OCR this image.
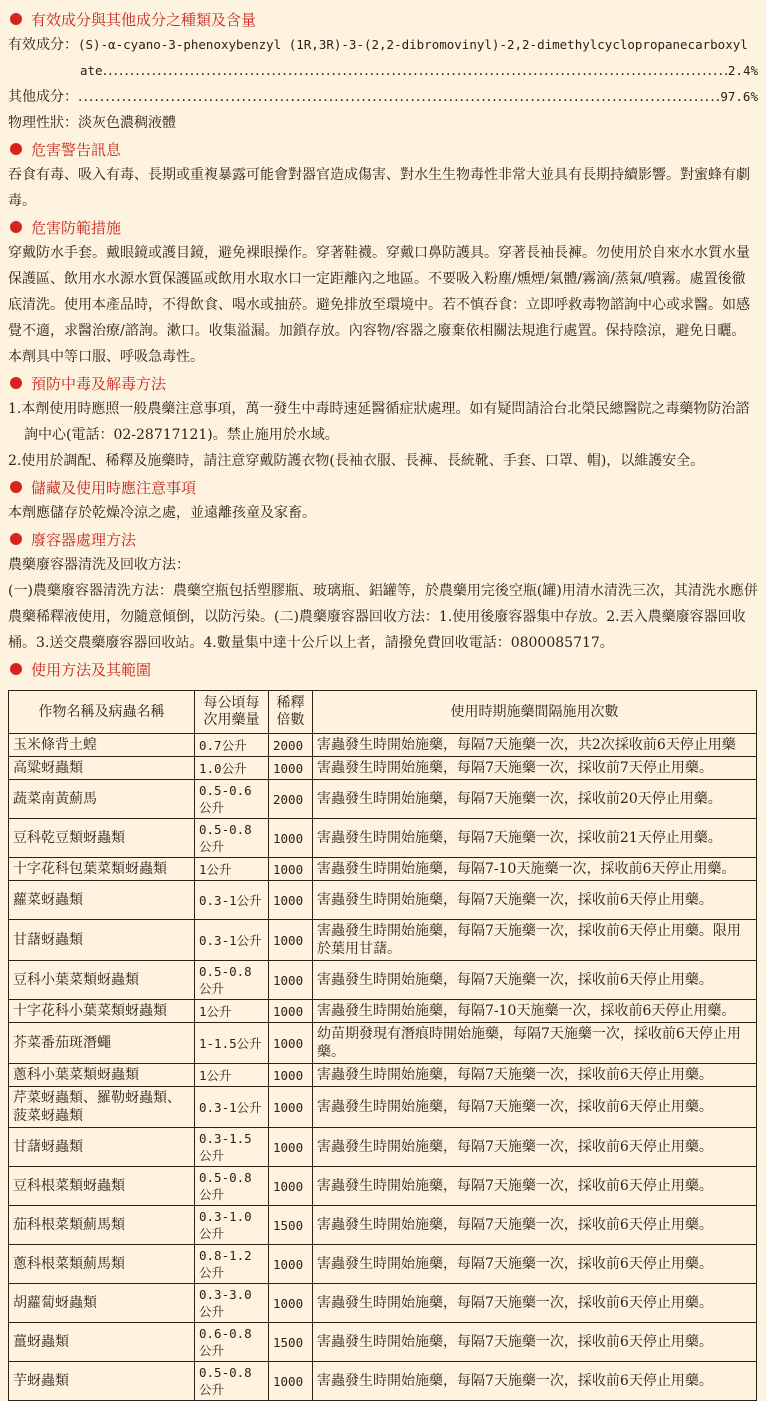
有效成分與其他成分之種類及含量
有效成分： (S)-α-cyano-3-phenoxybenzyl (1R,3R)-3-(2,2-dibromovinyl)-2,2-dimethylcyclopropanecarboxyl
ate .....	2.4%
其他成分： .....	97.6%
物理性狀： 淡灰色濃稠液體
危害警告訊息

吞食有毒、吸入有毒、長期或重複暴露可能會對器官造成傷害、對水生生物毒性非常大並具有長期持續影響。對蜜蜂有劇毒。

危害防範措施

穿戴防水手套。戴眼鏡或護目鏡，避免裸眼操作。穿著鞋襪。穿戴口鼻防護具。穿著長袖長褲。勿使用於自來水水質水量保護區、飲用水水源水質保護區或飲用水取水口一定距離內之地區。不要吸入粉塵/燻煙/氣體/霧滴/蒸氣/噴霧。處置後徹底清洗。使用本產品時，不得飲食、喝水或抽菸。避免排放至環境中。若不慎吞食：立即呼救毒物諮詢中心或求醫。如感覺不適，求醫治療/諮詢。漱口。收集溢漏。加鎖存放。內容物/容器之廢棄依相關法規進行處置。保持陰涼，避免日曬。本劑具中等口服、呼吸急毒性。

預防中毒及解毒方法

1.本劑使用時應照一般農藥注意事項，萬一發生中毒時速延醫循症狀處理。如有疑問請洽台北榮民總醫院之毒藥物防治諮詢中心(電話：02-28717121)。禁止施用於水域。

2.使用於調配、稀釋及施藥時，請注意穿戴防護衣物(長袖衣服、長褲、長統靴、手套、口罩、帽)，以維護安全。

儲藏及使用時應注意事項

本劑應儲存於乾燥冷涼之處，並遠離孩童及家畜。

廢容器處理方法

農藥廢容器清洗及回收方法：

(一)農藥廢容器清洗方法：農藥空瓶包括塑膠瓶、玻璃瓶、鋁罐等，於農藥用完後空瓶(罐)用清水清洗三次，其清洗水應併農藥稀釋液使用，勿隨意傾倒，以防污染。(二)農藥廢容器回收方法：1.使用後廢容器集中存放。2.丟入農藥廢容器回收桶。3.送交農藥廢容器回收站。4.數量集中達十公斤以上者，請撥免費回收電話：0800085717。

使用方法及其範圍
作物名稱及病蟲名稱	每公頃每次用藥量	稀釋倍數	使用時期施藥間隔施用次數
玉米條背土蝗	0.7公升	2000	害蟲發生時開始施藥，每隔7天施藥一次，共2次採收前6天停止用藥
高粱蚜蟲類	1.0公升	1000	害蟲發生時開始施藥，每隔7天施藥一次，採收前7天停止用藥。
蔬菜南黃薊馬	0.5-0.6公升	2000	害蟲發生時開始施藥，每隔7天施藥一次，採收前20天停止用藥。
豆科乾豆類蚜蟲類	0.5-0.8公升	1000	害蟲發生時開始施藥，每隔7天施藥一次，採收前21天停止用藥。
十字花科包葉菜類蚜蟲類	1公升	1000	害蟲發生時開始施藥，每隔7-10天施藥一次，採收前6天停止用藥。
蘿菜蚜蟲類	0.3-1公升	1000	害蟲發生時開始施藥，每隔7天施藥一次，採收前6天停止用藥。
甘藷蚜蟲類	0.3-1公升	1000	害蟲發生時開始施藥，每隔7天施藥一次，採收前6天停止用藥。限用於葉用甘藷。
豆科小葉菜類蚜蟲類	0.5-0.8公升	1000	害蟲發生時開始施藥，每隔7天施藥一次，採收前6天停止用藥。
十字花科小葉菜類蚜蟲類	1公升	1000	害蟲發生時開始施藥，每隔7-10天施藥一次，採收前6天停止用藥。
芥菜番茄斑潛蠅	1-1.5公升	1000	幼苗期發現有潛痕時開始施藥，每隔7天施藥一次，採收前6天停止用藥。
蔥科小葉菜類蚜蟲類	1公升	1000	害蟲發生時開始施藥，每隔7天施藥一次，採收前6天停止用藥。
芹菜蚜蟲類、羅勒蚜蟲類、菠菜蚜蟲類	0.3-1公升	1000	害蟲發生時開始施藥，每隔7天施藥一次，採收前6天停止用藥。
甘藷蚜蟲類	0.3-1.5公升	1000	害蟲發生時開始施藥，每隔7天施藥一次，採收前6天停止用藥。
豆科根菜類蚜蟲類	0.5-0.8公升	1000	害蟲發生時開始施藥，每隔7天施藥一次，採收前6天停止用藥。
茄科根菜類薊馬類	0.3-1.0公升	1500	害蟲發生時開始施藥，每隔7天施藥一次，採收前6天停止用藥。
蔥科根菜類薊馬類	0.8-1.2公升	1000	害蟲發生時開始施藥，每隔7天施藥一次，採收前6天停止用藥。
胡蘿蔔蚜蟲類	0.3-3.0公升	1000	害蟲發生時開始施藥，每隔7天施藥一次，採收前6天停止用藥。
薑蚜蟲類	0.6-0.8公升	1500	害蟲發生時開始施藥，每隔7天施藥一次，採收前6天停止用藥。
芋蚜蟲類	0.5-0.8公升	1000	害蟲發生時開始施藥，每隔7天施藥一次，採收前6天停止用藥。
